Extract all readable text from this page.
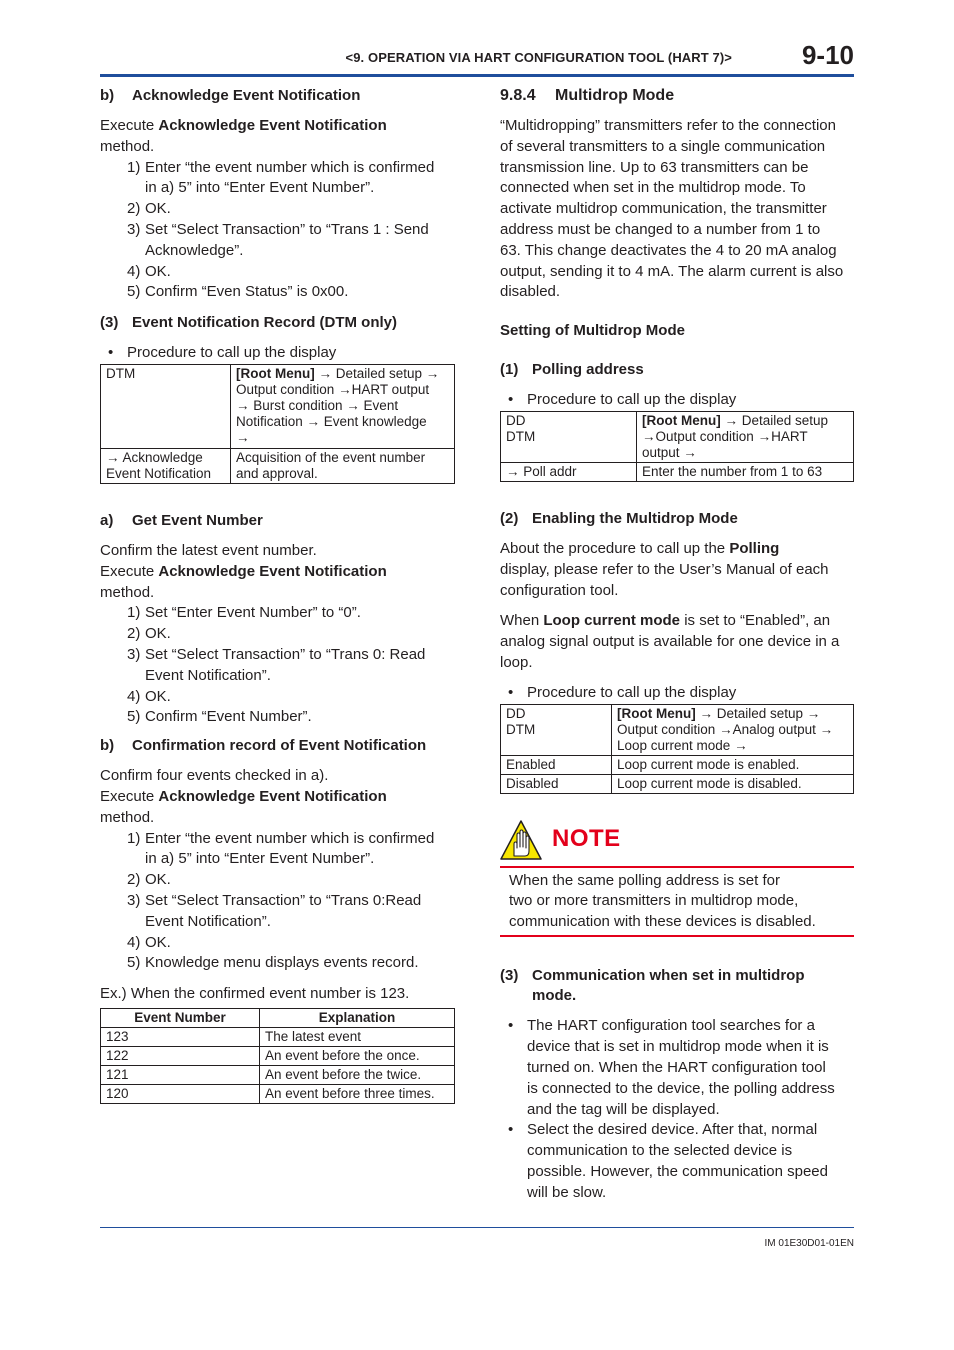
<9. OPERATION VIA HART CONFIGURATION TOOL (HART 7)>	9-10
b)	Acknowledge Event Notification
Execute Acknowledge Event Notification
method.
1) Enter “the event number which is confirmed
in a) 5” into “Enter Event Number”.
2) OK.
3) Set “Select Transaction” to “Trans 1 : Send
Acknowledge”.
4) OK.
5) Confirm “Even Status” is 0x00.
(3) Event Notification Record (DTM only)
• Procedure to call up the display
DTM	[Root Menu] → Detailed setup →
Output condition →HART output
→ Burst condition → Event
Notification → Event knowledge
→

→ Acknowledge
Event Notification	Acquisition of the event number
and approval.
a)	Get Event Number
Confirm the latest event number.
Execute Acknowledge Event Notification
method.
1) Set “Enter Event Number” to “0”.
2) OK.
3) Set “Select Transaction” to “Trans 0: Read
Event Notification”.
4) OK.
5) Confirm “Event Number”.
b)	Confirmation record of Event Notification
Confirm four events checked in a).
Execute Acknowledge Event Notification
method.
1) Enter “the event number which is confirmed
in a) 5” into “Enter Event Number”.
2) OK.
3) Set “Select Transaction” to “Trans 0:Read
Event Notification”.
4) OK.
5) Knowledge menu displays events record.
Ex.) When the confirmed event number is 123.
Event Number	Explanation
123	The latest event
122	An event before the once.
121	An event before the twice.
120	An event before three times.
9.8.4	Multidrop Mode
“Multidropping” transmitters refer to the connection
of several transmitters to a single communication
transmission line. Up to 63 transmitters can be
connected when set in the multidrop mode. To
activate multidrop communication, the transmitter
address must be changed to a number from 1 to
63. This change deactivates the 4 to 20 mA analog
output, sending it to 4 mA. The alarm current is also
disabled.
Setting of Multidrop Mode
(1) Polling address
• Procedure to call up the display
DD
DTM	[Root Menu] → Detailed setup
→Output condition →HART
output →

→ Poll addr	Enter the number from 1 to 63
(2) Enabling the Multidrop Mode
About the procedure to call up the Polling
display, please refer to the User’s Manual of each
configuration tool.
When Loop current mode is set to “Enabled”, an
analog signal output is available for one device in a
loop.
• Procedure to call up the display
DD
DTM	[Root Menu] → Detailed setup →
Output condition →Analog output →
Loop current mode →

Enabled	Loop current mode is enabled.
Disabled	Loop current mode is disabled.
NOTE
When the same polling address is set for
two or more transmitters in multidrop mode,
communication with these devices is disabled.
(3) Communication when set in multidrop
mode.
• The HART configuration tool searches for a
device that is set in multidrop mode when it is
turned on. When the HART configuration tool
is connected to the device, the polling address
and the tag will be displayed.
• Select the desired device. After that, normal
communication to the selected device is
possible. However, the communication speed
will be slow.
IM 01E30D01-01EN
